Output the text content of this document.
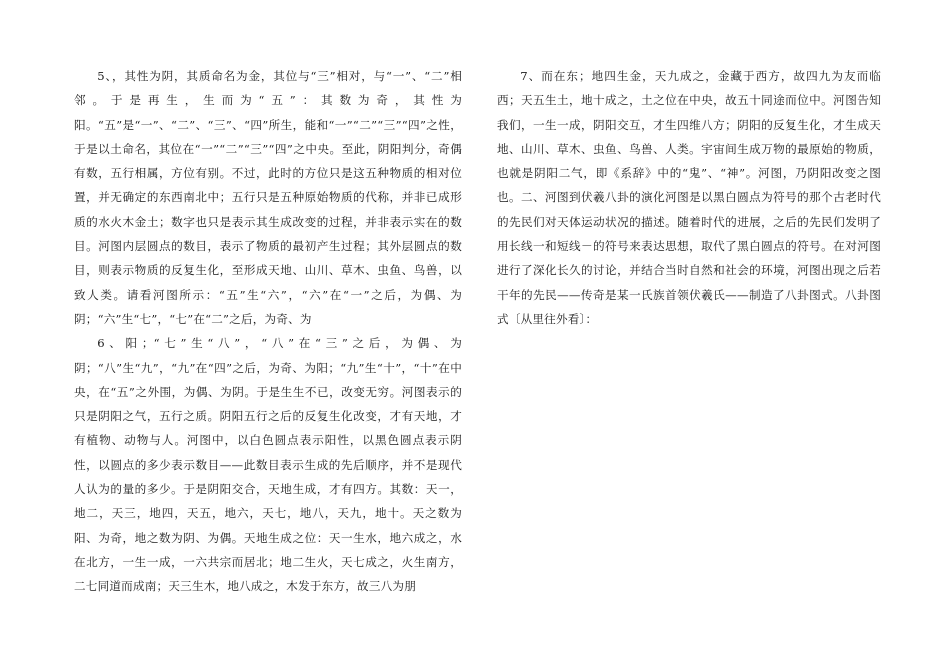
5、，其性为阴，其质命名为金，其位与“三”相对，与“一”、“二”相邻。于是再生，生而为“五”：其数为奇，其性为阳。“五”是“一”、“二”、“三”、“四”所生，能和“一”“二”“三”“四”之性，于是以土命名，其位在“一”“二”“三”“四”之中央。至此，阴阳判分，奇偶有数，五行相属，方位有别。不过，此时的方位只是这五种物质的相对位置，并无确定的东西南北中；五行只是五种原始物质的代称，并非已成形质的水火木金土；数字也只是表示其生成改变的过程，并非表示实在的数目。河图内层圆点的数目，表示了物质的最初产生过程；其外层圆点的数目，则表示物质的反复生化，至形成天地、山川、草木、虫鱼、鸟兽，以致人类。请看河图所示：“五”生“六”，“六”在“一”之后，为偶、为阴；“六”生“七”，“七”在“二”之后，为奇、为

6、阳；“七”生“八”，“八”在“三”之后，为偶、为阴；“八”生“九”，“九”在“四”之后，为奇、为阳；“九”生“十”，“十”在中央，在“五”之外围，为偶、为阴。于是生生不已，改变无穷。河图表示的只是阴阳之气，五行之质。阴阳五行之后的反复生化改变，才有天地，才有植物、动物与人。河图中，以白色圆点表示阳性，以黑色圆点表示阴性，以圆点的多少表示数目——此数目表示生成的先后顺序，并不是现代人认为的量的多少。于是阴阳交合，天地生成，才有四方。其数：天一，地二，天三，地四，天五，地六，天七，地八，天九，地十。天之数为阳、为奇，地之数为阴、为偶。天地生成之位：天一生水，地六成之，水在北方，一生一成，一六共宗而居北；地二生火，天七成之，火生南方，二七同道而成南；天三生木，地八成之，木发于东方，故三八为朋

7、而在东；地四生金，天九成之，金藏于西方，故四九为友而临西；天五生土，地十成之，土之位在中央，故五十同途而位中。河图告知我们，一生一成，阴阳交互，才生四维八方；阴阳的反复生化，才生成天地、山川、草木、虫鱼、鸟兽、人类。宇宙间生成万物的最原始的物质，也就是阴阳二气，即《系辞》中的“鬼”、“神”。河图，乃阴阳改变之图也。二、河图到伏羲八卦的演化河图是以黑白圆点为符号的那个古老时代的先民们对天体运动状况的描述。随着时代的进展，之后的先民们发明了用长线一和短线－的符号来表达思想，取代了黑白圆点的符号。在对河图进行了深化长久的讨论，并结合当时自然和社会的环境，河图出现之后若干年的先民——传奇是某一氏族首领伏羲氏——制造了八卦图式。八卦图式〔从里往外看〕：
